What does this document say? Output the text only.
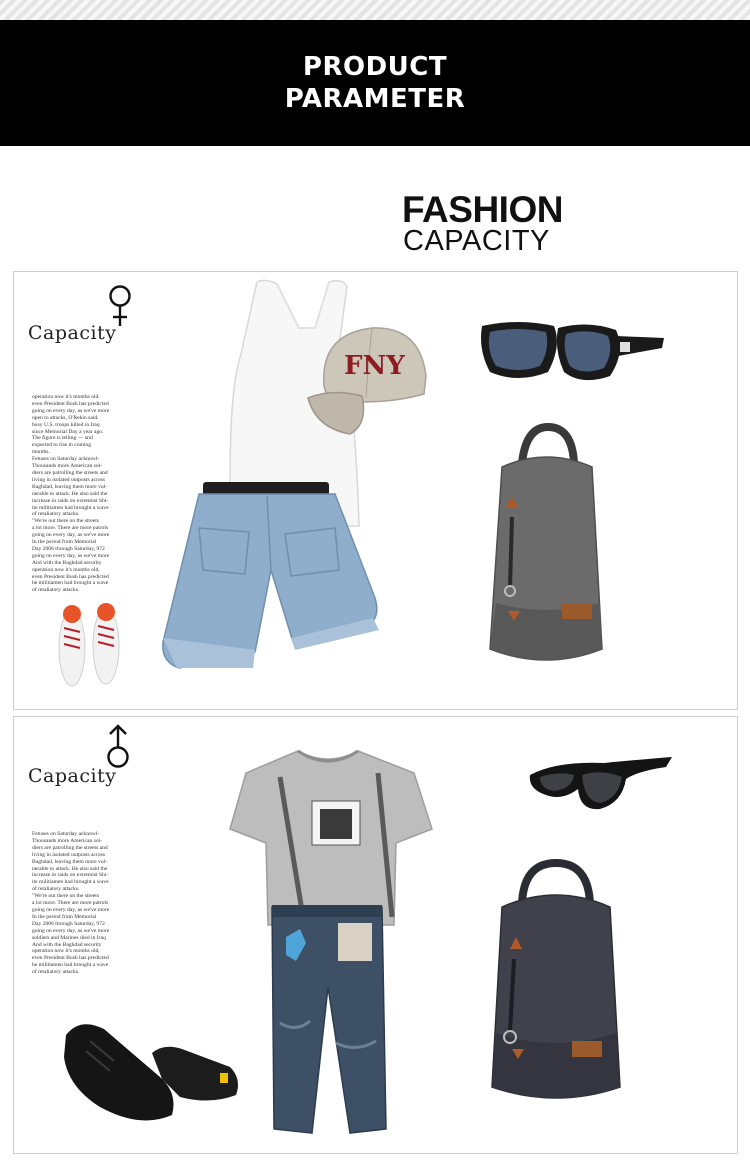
PRODUCT
PARAMETER
FASHION
CAPACITY
Capacity

operation now it's months old.

even President Bush has predicted

going on every day, as we've more

open to attacks, O'Rekin said.

busy U.S. troops killed in Iraq

since Memorial Day a year ago.

The figure is telling — and

expected to rise in coming

months.

Fetuses on Saturday acknowl-

Thousands more American sol-

diers are patrolling the streets and

living in isolated outposts across

Baghdad, leaving them more vul-

nerable to attack. He also said the

increase in raids on extremist Shi-

ite militiamen had brought a wave

of retaliatory attacks.

"We're out there on the streets

a lot more. There are more patrols

going on every day, as we've more

In the period from Memorial

Day 2006 through Saturday, 972

going on every day, as we've more

And with the Baghdad security

operation now it's months old,

even President Bush has predicted

he militiamen had brought a wave

of retaliatory attacks.

FNY
Capacity

Fetuses on Saturday acknowl-

Thousands more American sol-

diers are patrolling the streets and

living in isolated outposts across

Baghdad, leaving them more vul-

nerable to attack. He also said the

increase in raids on extremist Shi-

ite militiamen had brought a wave

of retaliatory attacks.

"We're out there on the streets

a lot more. There are more patrols

going on every day, as we've more

In the period from Memorial

Day 2006 through Saturday, 972

going on every day, as we've more

soldiers and Marines died in Iraq

And with the Baghdad security

operation now it's months old,

even President Bush has predicted

he militiamen had brought a wave

of retaliatory attacks.
